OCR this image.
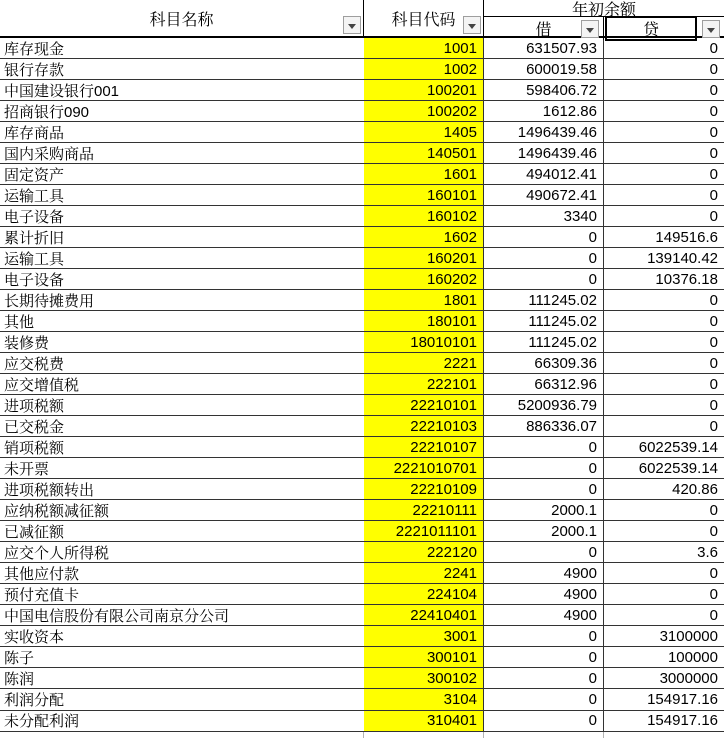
科目名称	科目代码
年初余额
借	贷
库存现金	1001	631507.93	0
银行存款	1002	600019.58	0
中国建设银行001	100201	598406.72	0
招商银行090	100202	1612.86	0
库存商品	1405	1496439.46	0
国内采购商品	140501	1496439.46	0
固定资产	1601	494012.41	0
运输工具	160101	490672.41	0
电子设备	160102	3340	0
累计折旧	1602	0	149516.6
运输工具	160201	0	139140.42
电子设备	160202	0	10376.18
长期待摊费用	1801	111245.02	0
其他	180101	111245.02	0
装修费	18010101	111245.02	0
应交税费	2221	66309.36	0
应交增值税	222101	66312.96	0
进项税额	22210101	5200936.79	0
已交税金	22210103	886336.07	0
销项税额	22210107	0	6022539.14
未开票	2221010701	0	6022539.14
进项税额转出	22210109	0	420.86
应纳税额减征额	22210111	2000.1	0
已减征额	2221011101	2000.1	0
应交个人所得税	222120	0	3.6
其他应付款	2241	4900	0
预付充值卡	224104	4900	0
中国电信股份有限公司南京分公司	22410401	4900	0
实收资本	3001	0	3100000
陈子	300101	0	100000
陈润	300102	0	3000000
利润分配	3104	0	154917.16
未分配利润	310401	0	154917.16
